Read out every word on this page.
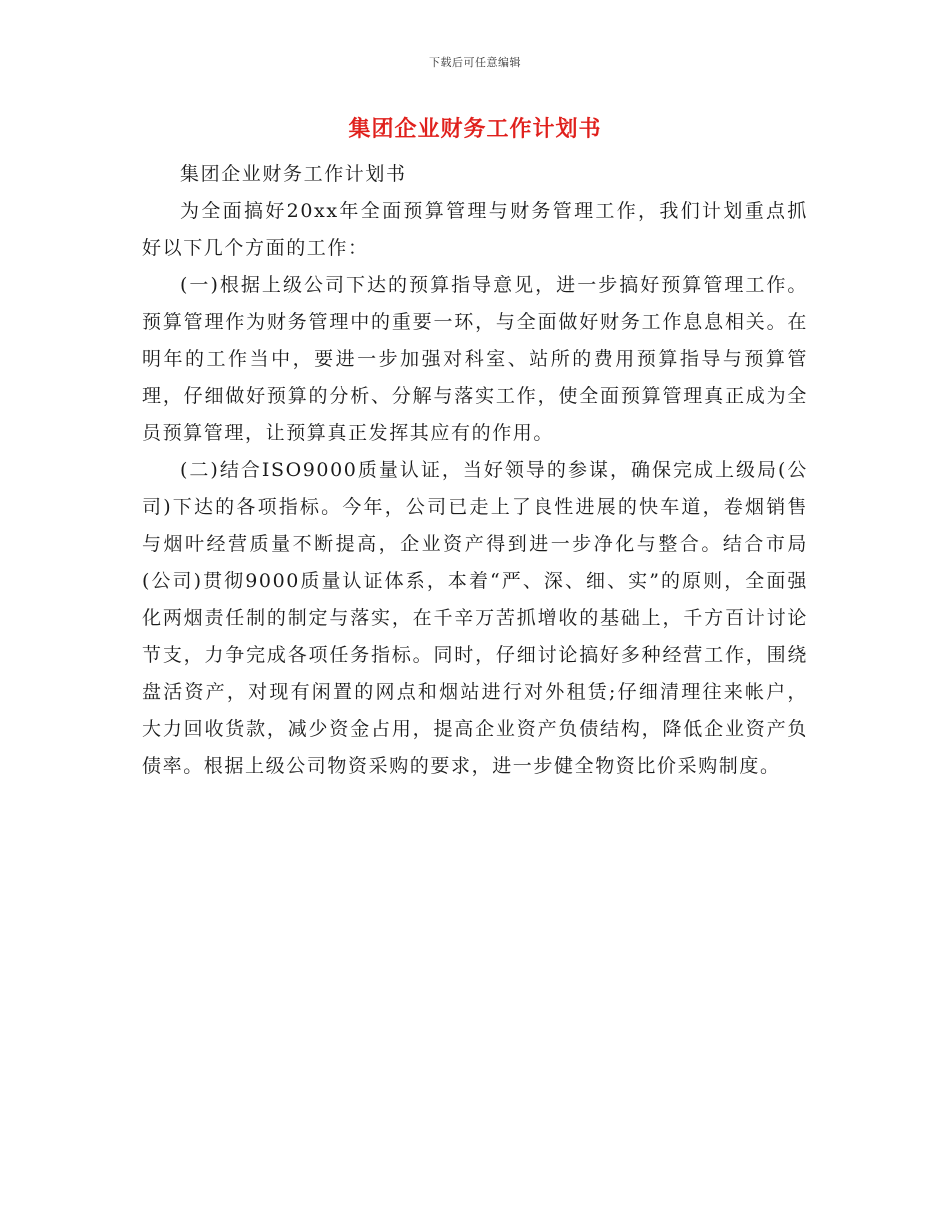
下载后可任意编辑
集团企业财务工作计划书

集团企业财务工作计划书

为全面搞好20xx年全面预算管理与财务管理工作，我们计划重点抓好以下几个方面的工作：

(一)根据上级公司下达的预算指导意见，进一步搞好预算管理工作。预算管理作为财务管理中的重要一环，与全面做好财务工作息息相关。在明年的工作当中，要进一步加强对科室、站所的费用预算指导与预算管理，仔细做好预算的分析、分解与落实工作，使全面预算管理真正成为全员预算管理，让预算真正发挥其应有的作用。

(二)结合ISO9000质量认证，当好领导的参谋，确保完成上级局(公司)下达的各项指标。今年，公司已走上了良性进展的快车道，卷烟销售与烟叶经营质量不断提高，企业资产得到进一步净化与整合。结合市局(公司)贯彻9000质量认证体系，本着“严、深、细、实”的原则，全面强化两烟责任制的制定与落实，在千辛万苦抓增收的基础上，千方百计讨论节支，力争完成各项任务指标。同时，仔细讨论搞好多种经营工作，围绕盘活资产，对现有闲置的网点和烟站进行对外租赁;仔细清理往来帐户，大力回收货款，减少资金占用，提高企业资产负债结构，降低企业资产负债率。根据上级公司物资采购的要求，进一步健全物资比价采购制度。
